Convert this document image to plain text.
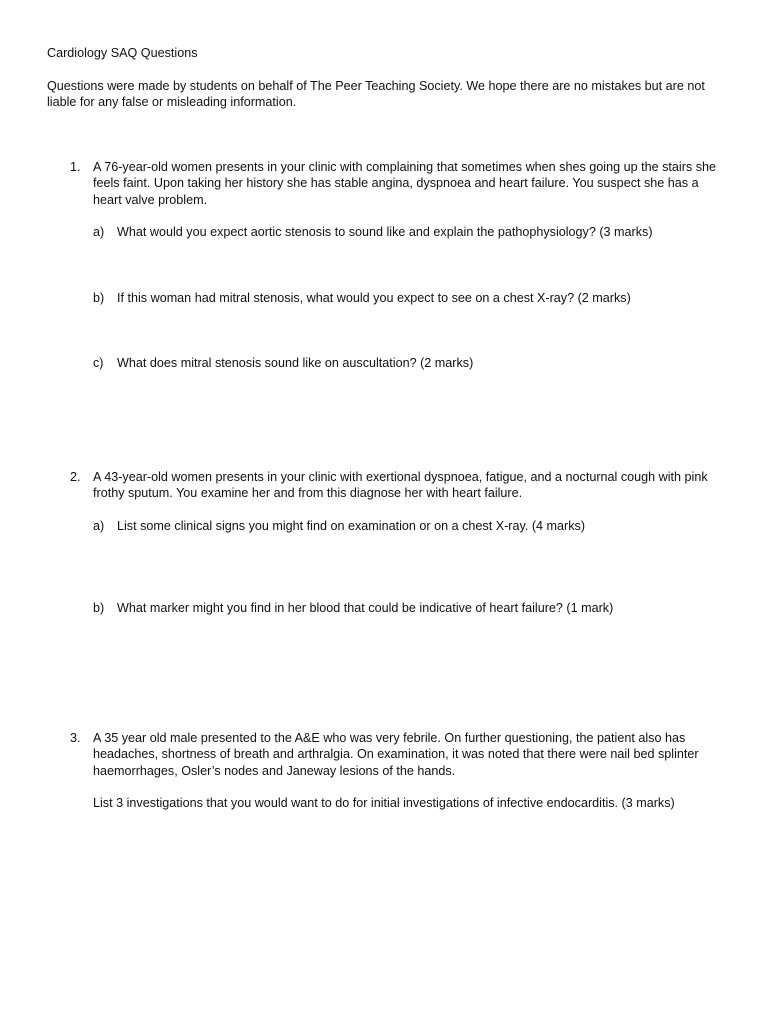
Cardiology SAQ Questions
Questions were made by students on behalf of The Peer Teaching Society. We hope there are no mistakes but are not liable for any false or misleading information.
1. A 76-year-old women presents in your clinic with complaining that sometimes when shes going up the stairs she feels faint. Upon taking her history she has stable angina, dyspnoea and heart failure. You suspect she has a heart valve problem.
a)	What would you expect aortic stenosis to sound like and explain the pathophysiology? (3 marks)
b)	If this woman had mitral stenosis, what would you expect to see on a chest X-ray? (2 marks)
c)	What does mitral stenosis sound like on auscultation? (2 marks)
2. A 43-year-old women presents in your clinic with exertional dyspnoea, fatigue, and a nocturnal cough with pink frothy sputum. You examine her and from this diagnose her with heart failure.
a)	List some clinical signs you might find on examination or on a chest X-ray. (4 marks)
b)	What marker might you find in her blood that could be indicative of heart failure? (1 mark)
3. A 35 year old male presented to the A&E who was very febrile. On further questioning, the patient also has headaches, shortness of breath and arthralgia. On examination, it was noted that there were nail bed splinter haemorrhages, Osler’s nodes and Janeway lesions of the hands.
List 3 investigations that you would want to do for initial investigations of infective endocarditis. (3 marks)
